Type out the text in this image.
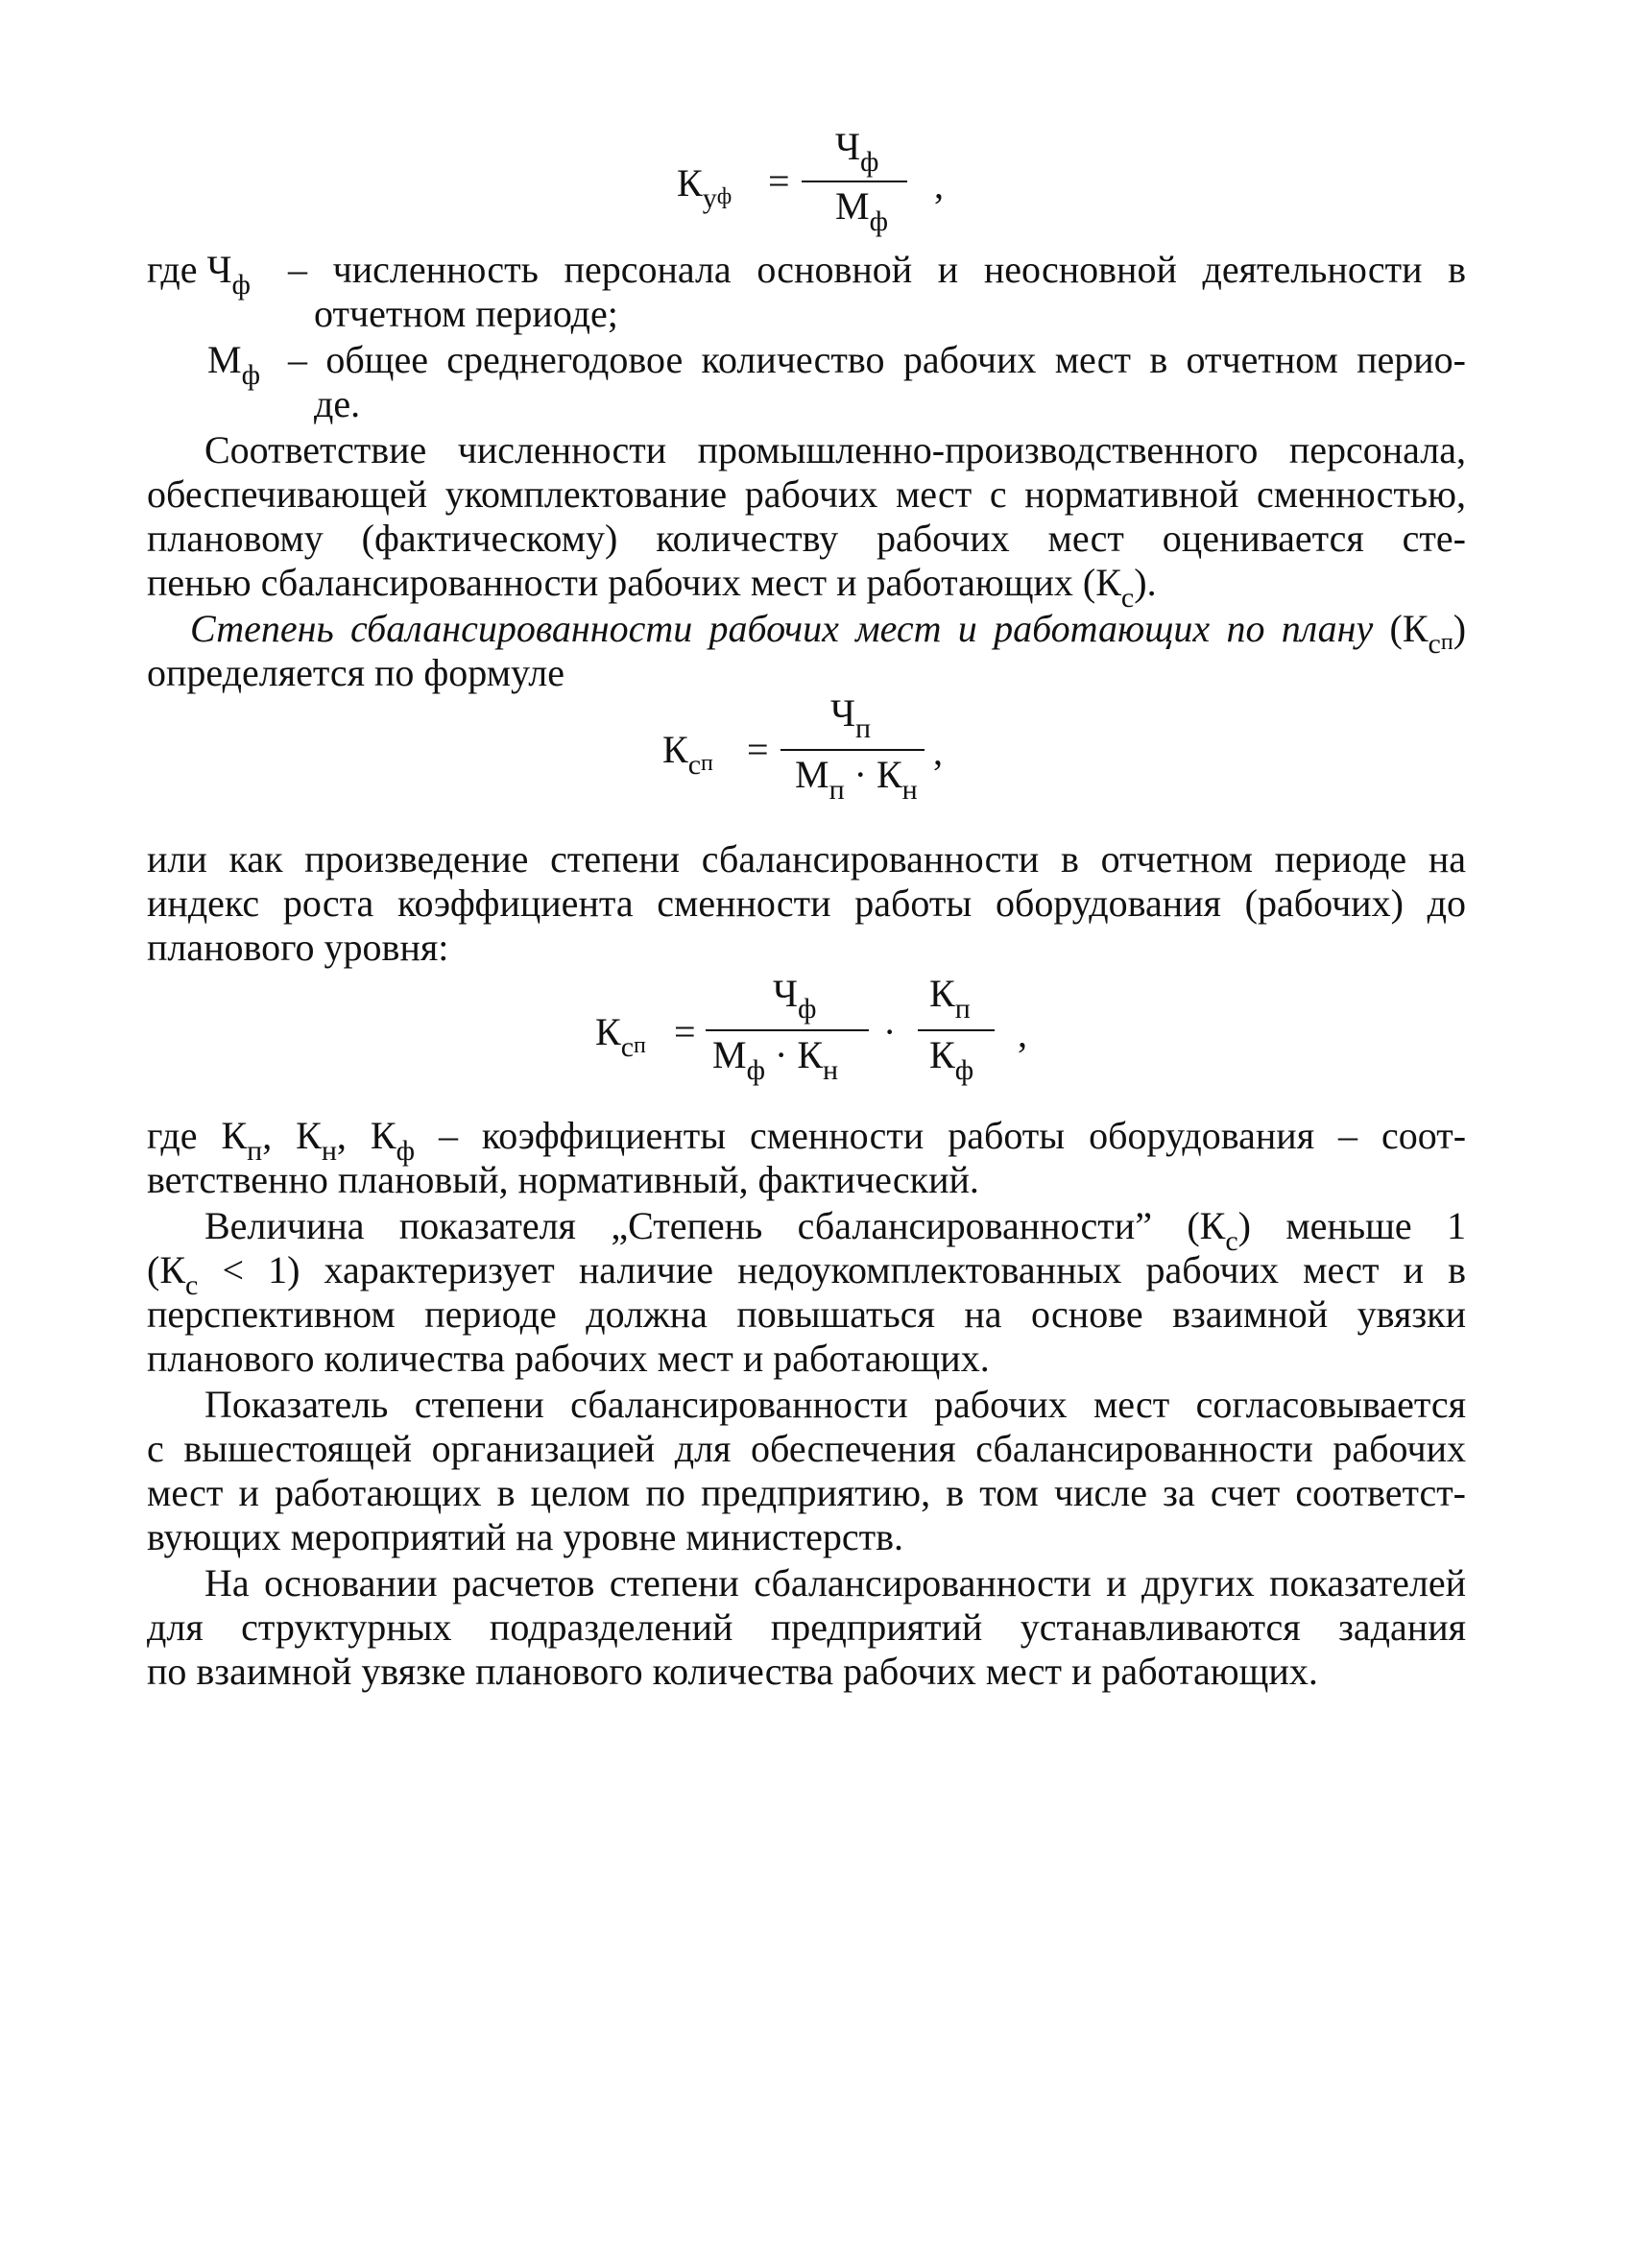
$К_{уф}$ =
$Ч_ф$
$М_ф$
,
где $Ч_ф$ – численность персонала основной и неосновной деятельности в
отчетном периоде;
$М_ф$ – общее среднегодовое количество рабочих мест в отчетном перио-
де.
Соответствие численности промышленно-производственного персонала,
обеспечивающей укомплектование рабочих мест с нормативной сменностью,
плановому (фактическому) количеству рабочих мест оценивается сте-
пенью сбалансированности рабочих мест и работающих $(К_с)$.
Степень сбалансированности рабочих мест и работающих по плану $(К_{сп})$
определяется по формуле
$К_{сп}$ =
$Ч_п$
$М_п \cdot К_н$
,
или как произведение степени сбалансированности в отчетном периоде на
индекс роста коэффициента сменности работы оборудования (рабочих) до
планового уровня:
$К_{сп}$ =
$Ч_ф$
$М_ф \cdot К_н$
·
$К_п$
$К_ф$
,
где $К_п$, $К_н$, $К_ф$ – коэффициенты сменности работы оборудования – соот-
ветственно плановый, нормативный, фактический.
Величина показателя „Степень сбалансированности” $(К_с)$ меньше 1
$(К_с < 1)$ характеризует наличие недоукомплектованных рабочих мест и в
перспективном периоде должна повышаться на основе взаимной увязки
планового количества рабочих мест и работающих.
Показатель степени сбалансированности рабочих мест согласовывается
с вышестоящей организацией для обеспечения сбалансированности рабочих
мест и работающих в целом по предприятию, в том числе за счет соответст-
вующих мероприятий на уровне министерств.
На основании расчетов степени сбалансированности и других показателей
для структурных подразделений предприятий устанавливаются задания
по взаимной увязке планового количества рабочих мест и работающих.
